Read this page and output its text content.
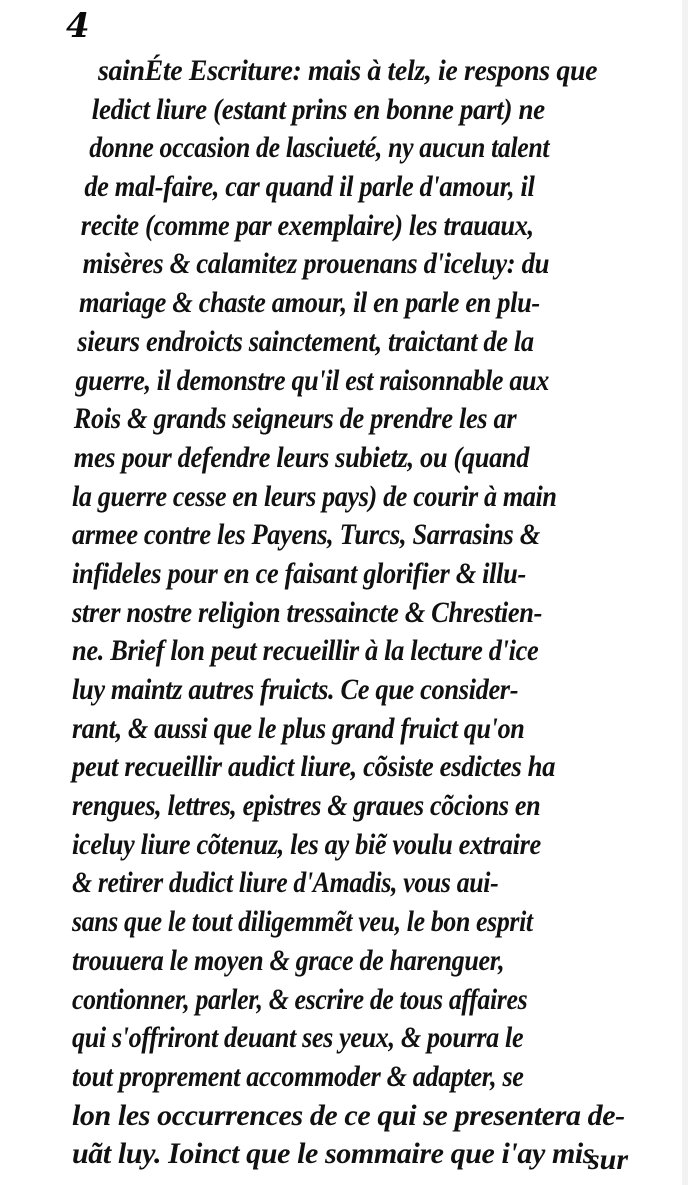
4
sainÉte Escriture: mais à telz, ie respons que
ledict liure (estant prins en bonne part) ne
donne occasion de lasciueté, ny aucun talent
de mal-faire, car quand il parle d'amour, il
recite (comme par exemplaire) les trauaux,
misères & calamitez prouenans d'iceluy: du
mariage & chaste amour, il en parle en plu-
sieurs endroicts sainctement, traictant de la
guerre, il demonstre qu'il est raisonnable aux
Rois & grands seigneurs de prendre les ar
mes pour defendre leurs subietz, ou (quand
la guerre cesse en leurs pays) de courir à main
armee contre les Payens, Turcs, Sarrasins &
infideles pour en ce faisant glorifier & illu-
strer nostre religion tressaincte & Chrestien-
ne. Brief lon peut recueillir à la lecture d'ice
luy maintz autres fruicts. Ce que consider-
rant, & aussi que le plus grand fruict qu'on
peut recueillir audict liure, cõsiste esdictes ha
rengues, lettres, epistres & graues cõcions en
iceluy liure cõtenuz, les ay biẽ voulu extraire
& retirer dudict liure d'Amadis, vous aui-
sans que le tout diligemmẽt veu, le bon esprit
trouuera le moyen & grace de harenguer,
contionner, parler, & escrire de tous affaires
qui s'offriront deuant ses yeux, & pourra le
tout proprement accommoder & adapter, se
lon les occurrences de ce qui se presentera de-
uãt luy. Ioinct que le sommaire que i'ay mis
sur
